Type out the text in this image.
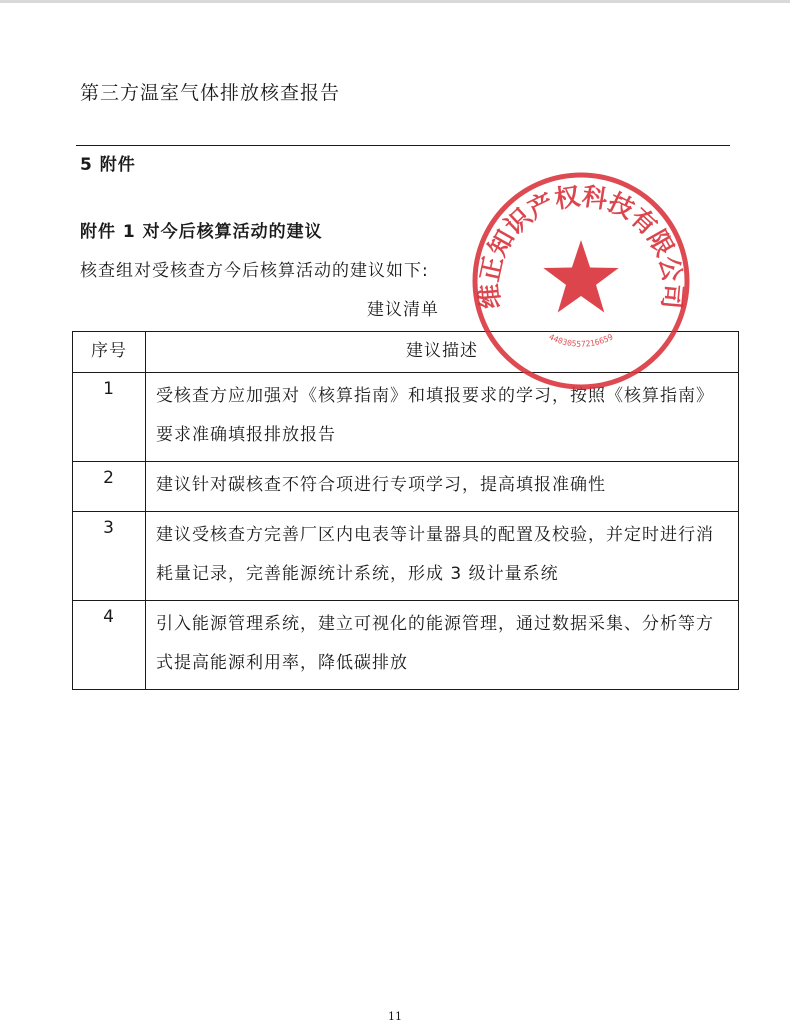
第三方温室气体排放核查报告
5 附件
附件 1 对今后核算活动的建议
核查组对受核查方今后核算活动的建议如下:
建议清单
序号	建议描述
1	受核查方应加强对《核算指南》和填报要求的学习，按照《核算指南》要求准确填报排放报告
2	建议针对碳核查不符合项进行专项学习，提高填报准确性
3	建议受核查方完善厂区内电表等计量器具的配置及校验，并定时进行消耗量记录，完善能源统计系统，形成 3 级计量系统
4	引入能源管理系统，建立可视化的能源管理，通过数据采集、分析等方式提高能源利用率，降低碳排放
维正知识产权科技有限公司
44030557216659
11
